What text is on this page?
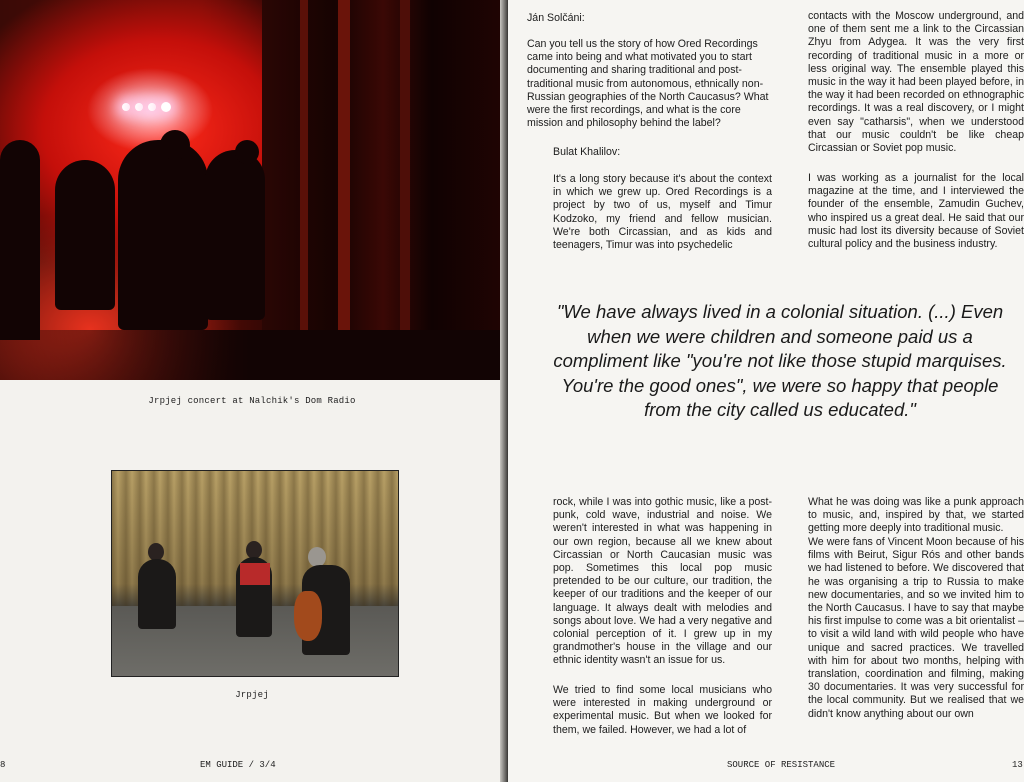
Jrpjej concert at Nalchik's Dom Radio
Jrpjej
8	EM GUIDE / 3/4
Ján Solčáni:
Can you tell us the story of how Ored Recordings came into being and what motivated you to start documenting and sharing traditional and post-traditional music from autonomous, ethnically non-Russian geographies of the North Caucasus? What were the first recordings, and what is the core mission and philosophy behind the label?
Bulat Khalilov:
It's a long story because it's about the context in which we grew up. Ored Recordings is a project by two of us, myself and Timur Kodzoko, my friend and fellow musician. We're both Circassian, and as kids and teenagers, Timur was into psychedelic
contacts with the Moscow underground, and one of them sent me a link to the Circassian Zhyu from Adygea. It was the very first recording of traditional music in a more or less original way. The ensemble played this music in the way it had been played before, in the way it had been recorded on ethnographic recordings. It was a real discovery, or I might even say "catharsis", when we understood that our music couldn't be like cheap Circassian or Soviet pop music.
I was working as a journalist for the local magazine at the time, and I interviewed the founder of the ensemble, Zamudin Guchev, who inspired us a great deal. He said that our music had lost its diversity because of Soviet cultural policy and the business industry.
"We have always lived in a colonial situation. (...) Even when we were children and someone paid us a compliment like "you're not like those stupid marquises. You're the good ones", we were so happy that people from the city called us educated."
rock, while I was into gothic music, like a post-punk, cold wave, industrial and noise. We weren't interested in what was happening in our own region, because all we knew about Circassian or North Caucasian music was pop. Sometimes this local pop music pretended to be our culture, our tradition, the keeper of our traditions and the keeper of our language. It always dealt with melodies and songs about love. We had a very negative and colonial perception of it. I grew up in my grandmother's house in the village and our ethnic identity wasn't an issue for us.
We tried to find some local musicians who were interested in making underground or experimental music. But when we looked for them, we failed. However, we had a lot of
What he was doing was like a punk approach to music, and, inspired by that, we started getting more deeply into traditional music.
We were fans of Vincent Moon because of his films with Beirut, Sigur Rós and other bands we had listened to before. We discovered that he was organising a trip to Russia to make new documentaries, and so we invited him to the North Caucasus. I have to say that maybe his first impulse to come was a bit orientalist – to visit a wild land with wild people who have unique and sacred practices. We travelled with him for about two months, helping with translation, coordination and filming, making 30 documentaries. It was very successful for the local community. But we realised that we didn't know anything about our own
SOURCE OF RESISTANCE	13
